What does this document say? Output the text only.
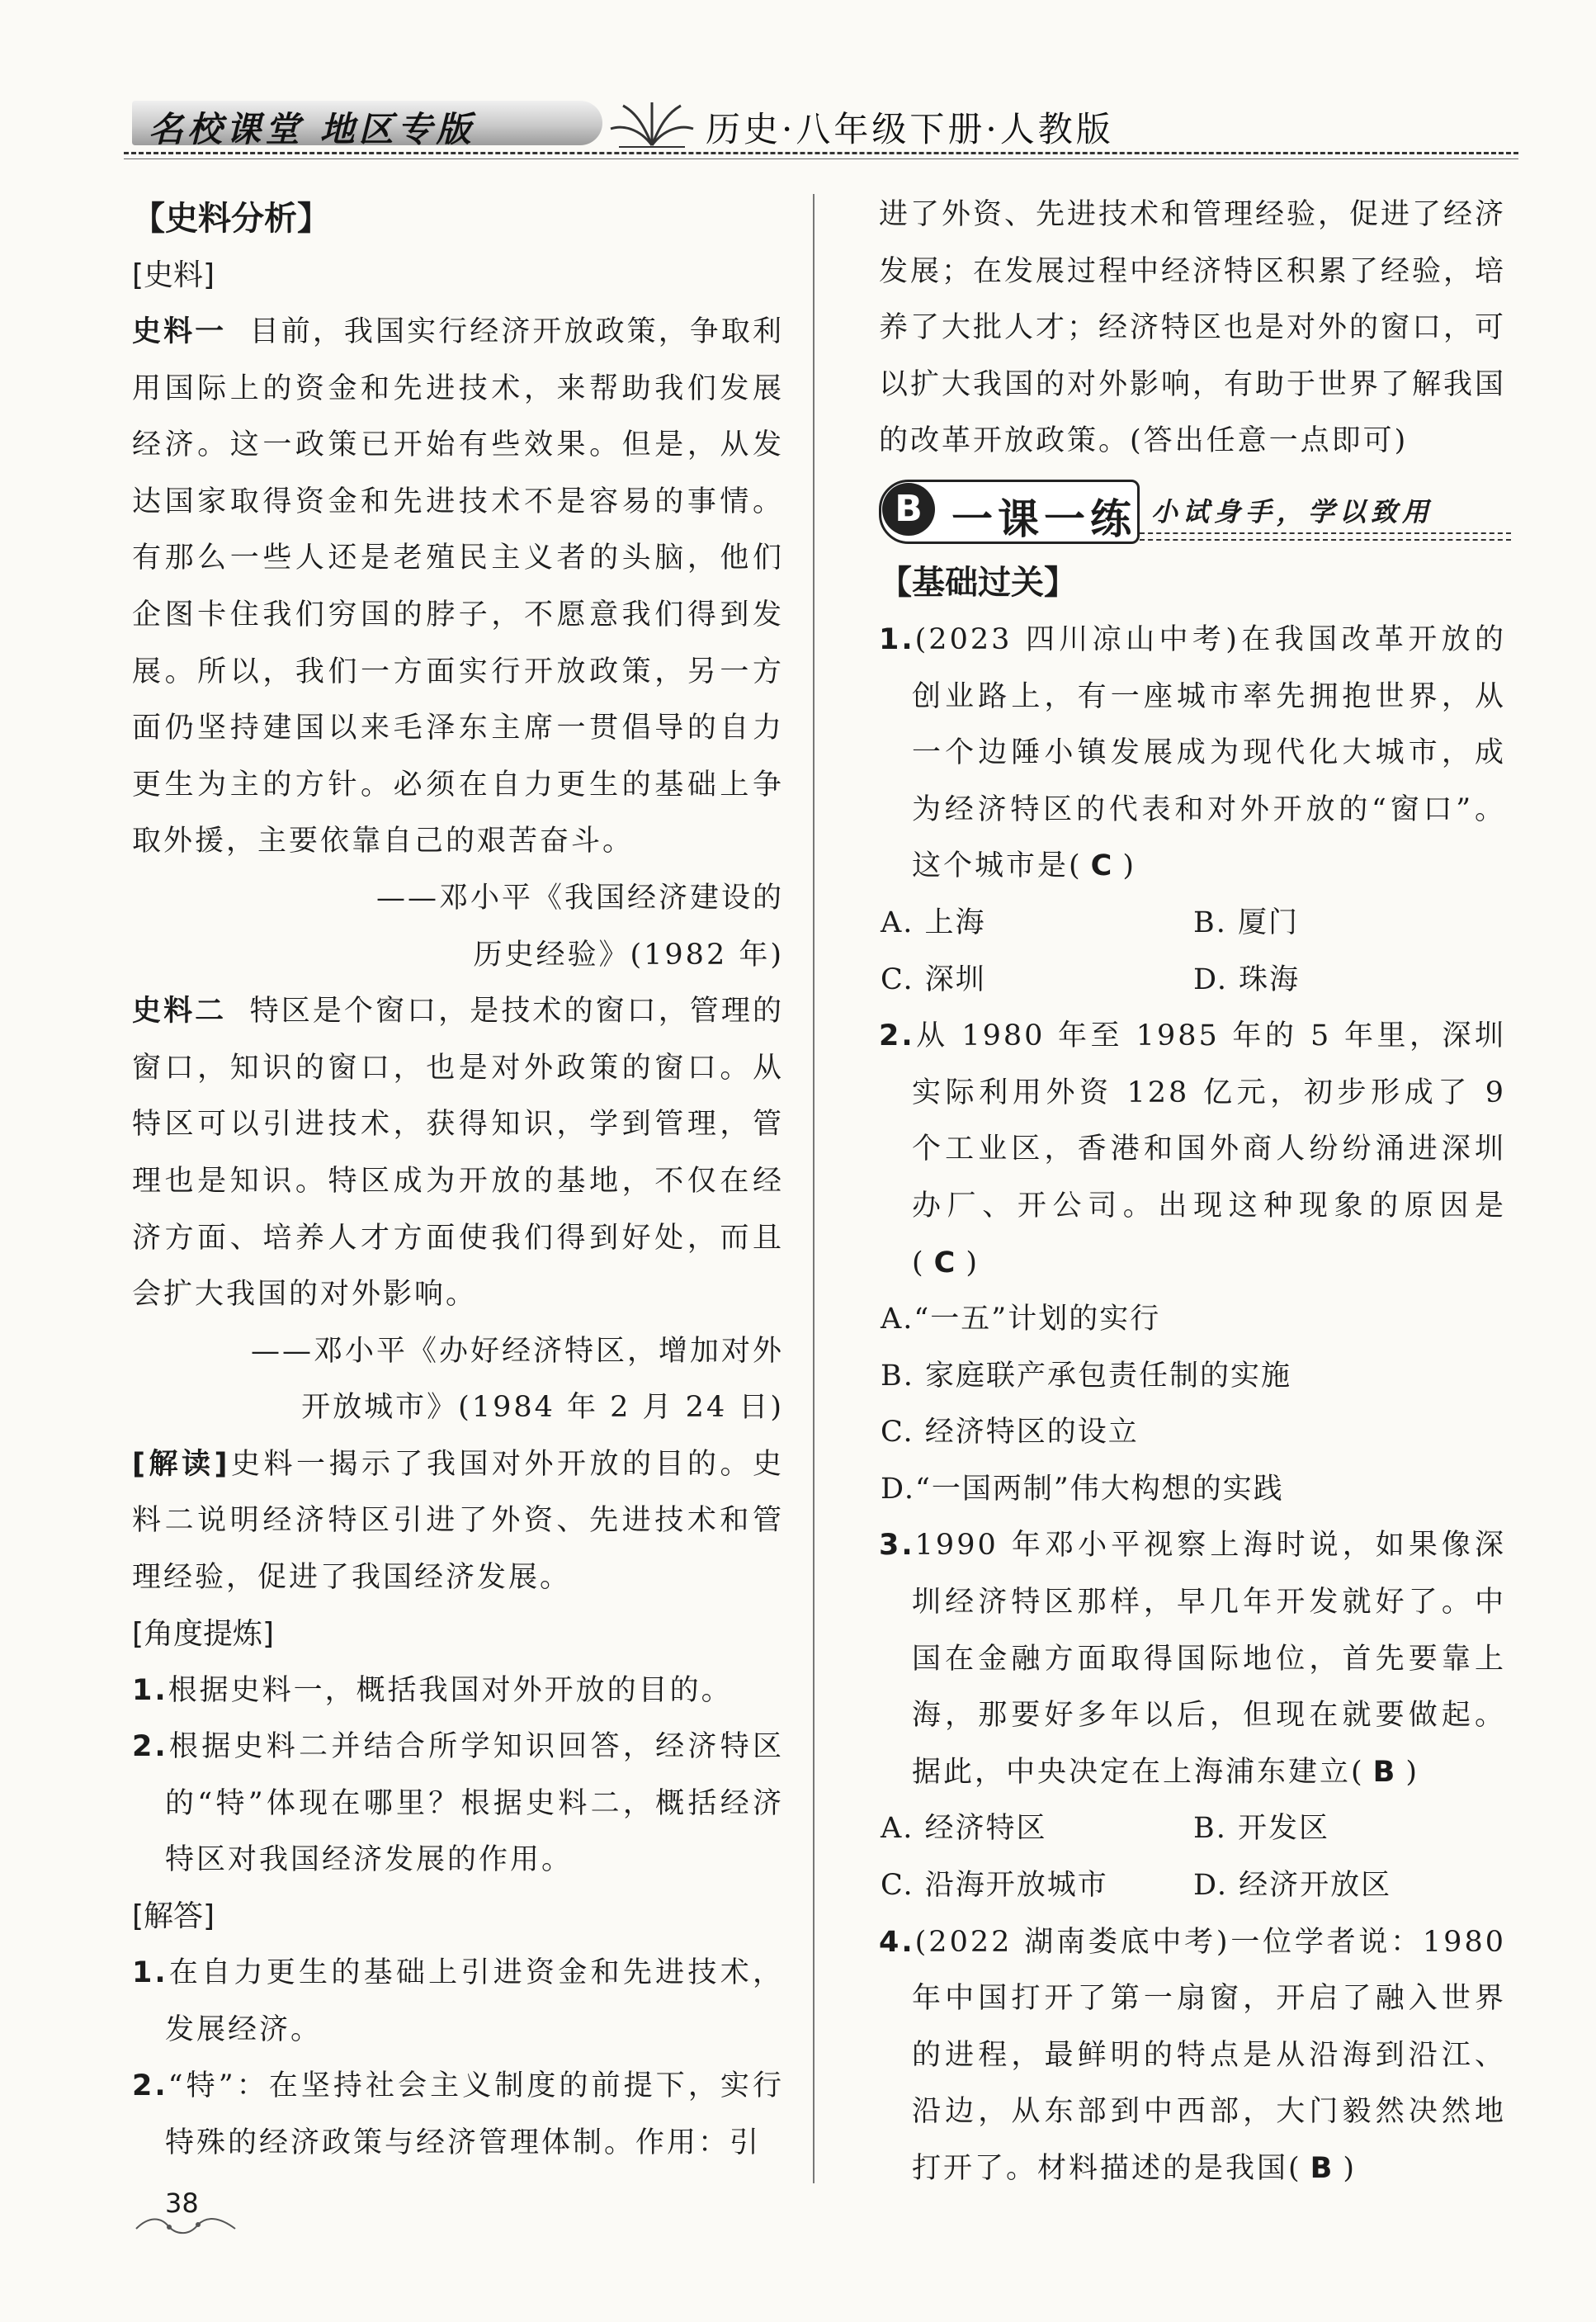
名校课堂 地区专版	历史·八年级下册·人教版

【史料分析】

[史料]

史料一 目前，我国实行经济开放政策，争取利用国际上的资金和先进技术，来帮助我们发展经济。这一政策已开始有些效果。但是，从发达国家取得资金和先进技术不是容易的事情。有那么一些人还是老殖民主义者的头脑，他们企图卡住我们穷国的脖子，不愿意我们得到发展。所以，我们一方面实行开放政策，另一方面仍坚持建国以来毛泽东主席一贯倡导的自力更生为主的方针。必须在自力更生的基础上争取外援，主要依靠自己的艰苦奋斗。

——邓小平《我国经济建设的

历史经验》(1982 年)

史料二 特区是个窗口，是技术的窗口，管理的窗口，知识的窗口，也是对外政策的窗口。从特区可以引进技术，获得知识，学到管理，管理也是知识。特区成为开放的基地，不仅在经济方面、培养人才方面使我们得到好处，而且会扩大我国的对外影响。

——邓小平《办好经济特区，增加对外

开放城市》(1984 年 2 月 24 日)

[解读]史料一揭示了我国对外开放的目的。史料二说明经济特区引进了外资、先进技术和管理经验，促进了我国经济发展。

[角度提炼]

1.根据史料一，概括我国对外开放的目的。

2.根据史料二并结合所学知识回答，经济特区的“特”体现在哪里？根据史料二，概括经济特区对我国经济发展的作用。

[解答]

1.在自力更生的基础上引进资金和先进技术，发展经济。

2.“特”：在坚持社会主义制度的前提下，实行特殊的经济政策与经济管理体制。作用：引

进了外资、先进技术和管理经验，促进了经济发展；在发展过程中经济特区积累了经验，培养了大批人才；经济特区也是对外的窗口，可以扩大我国的对外影响，有助于世界了解我国的改革开放政策。(答出任意一点即可)

B 一课一练 小试身手，学以致用

【基础过关】

1.(2023 四川凉山中考)在我国改革开放的创业路上，有一座城市率先拥抱世界，从一个边陲小镇发展成为现代化大城市，成为经济特区的代表和对外开放的“窗口”。这个城市是( C )

A. 上海	B. 厦门
C. 深圳	D. 珠海

2.从 1980 年至 1985 年的 5 年里，深圳实际利用外资 128 亿元，初步形成了 9 个工业区，香港和国外商人纷纷涌进深圳办厂、开公司。出现这种现象的原因是( C )

A.“一五”计划的实行

B. 家庭联产承包责任制的实施

C. 经济特区的设立

D.“一国两制”伟大构想的实践

3.1990 年邓小平视察上海时说，如果像深圳经济特区那样，早几年开发就好了。中国在金融方面取得国际地位，首先要靠上海，那要好多年以后，但现在就要做起。据此，中央决定在上海浦东建立( B )

A. 经济特区	B. 开发区
C. 沿海开放城市	D. 经济开放区

4.(2022 湖南娄底中考)一位学者说：1980 年中国打开了第一扇窗，开启了融入世界的进程，最鲜明的特点是从沿海到沿江、沿边，从东部到中西部，大门毅然决然地打开了。材料描述的是我国( B )

38
